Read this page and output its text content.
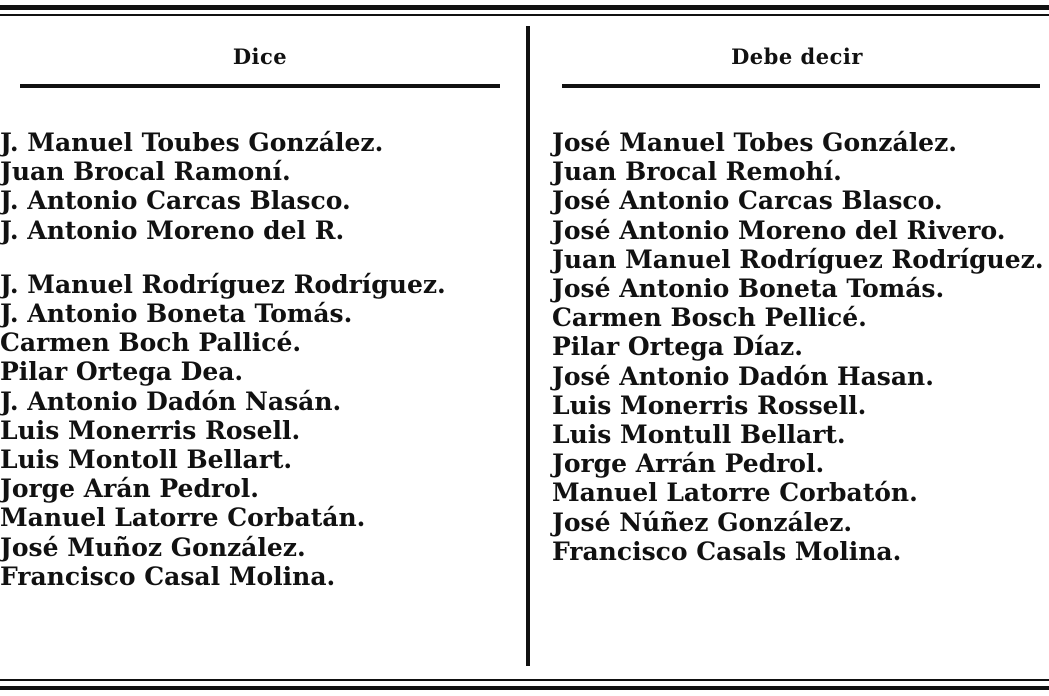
Dice	Debe decir
J. Manuel Toubes González.
Juan Brocal Ramoní.
J. Antonio Carcas Blasco.
J. Antonio Moreno del R.
J. Manuel Rodríguez Rodríguez.
J. Antonio Boneta Tomás.
Carmen Boch Pallicé.
Pilar Ortega Dea.
J. Antonio Dadón Nasán.
Luis Monerris Rosell.
Luis Montoll Bellart.
Jorge Arán Pedrol.
Manuel Latorre Corbatán.
José Muñoz González.
Francisco Casal Molina.
José Manuel Tobes González.
Juan Brocal Remohí.
José Antonio Carcas Blasco.
José Antonio Moreno del Rivero.
Juan Manuel Rodríguez Rodríguez.
José Antonio Boneta Tomás.
Carmen Bosch Pellicé.
Pilar Ortega Díaz.
José Antonio Dadón Hasan.
Luis Monerris Rossell.
Luis Montull Bellart.
Jorge Arrán Pedrol.
Manuel Latorre Corbatón.
José Núñez González.
Francisco Casals Molina.
